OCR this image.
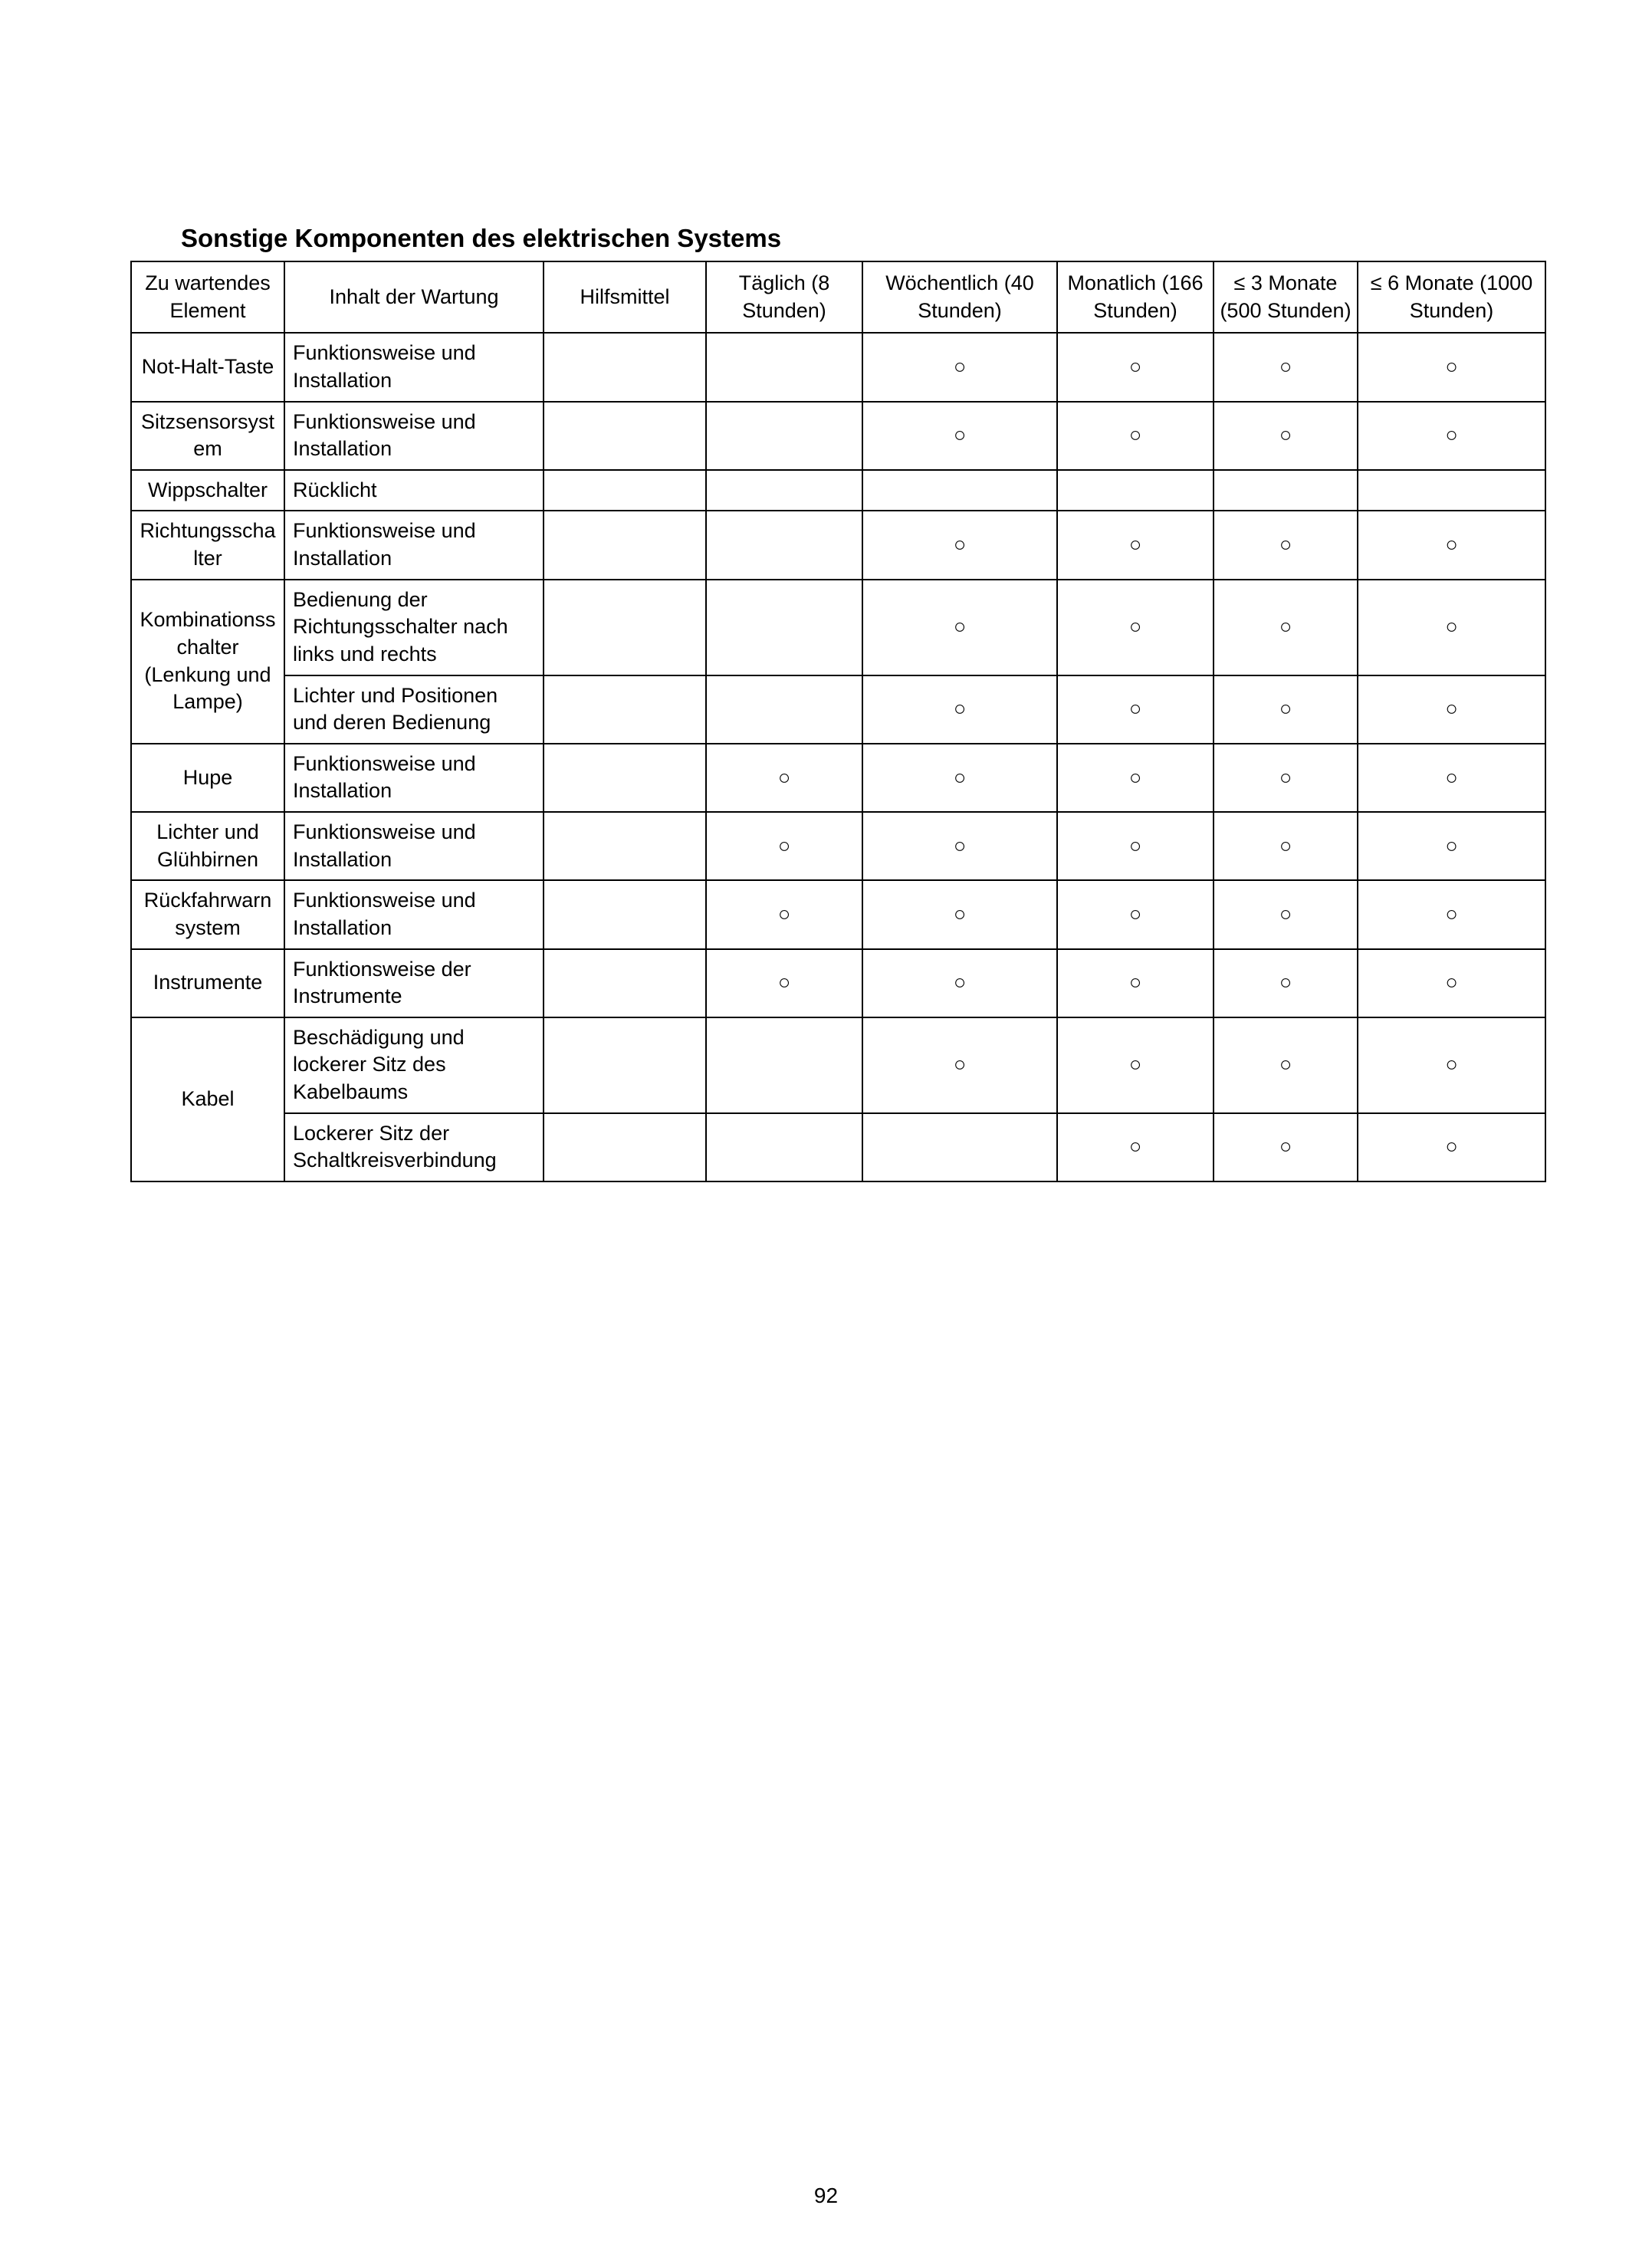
Sonstige Komponenten des elektrischen Systems
Zu wartendes Element	Inhalt der Wartung	Hilfsmittel	Täglich (8 Stunden)	Wöchentlich (40 Stunden)	Monatlich (166 Stunden)	≤ 3 Monate (500 Stunden)	≤ 6 Monate (1000 Stunden)
Not-Halt-Taste	Funktionsweise und Installation			○	○	○	○
Sitzsensorsystem	Funktionsweise und Installation			○	○	○	○
Wippschalter	Rücklicht						
Richtungsschalter	Funktionsweise und Installation			○	○	○	○
Kombinationsschalter (Lenkung und Lampe)	Bedienung der Richtungsschalter nach links und rechts			○	○	○	○
	Lichter und Positionen und deren Bedienung			○	○	○	○
Hupe	Funktionsweise und Installation		○	○	○	○	○
Lichter und Glühbirnen	Funktionsweise und Installation		○	○	○	○	○
Rückfahrwarnsystem	Funktionsweise und Installation		○	○	○	○	○
Instrumente	Funktionsweise der Instrumente		○	○	○	○	○
Kabel	Beschädigung und lockerer Sitz des Kabelbaums			○	○	○	○
	Lockerer Sitz der Schaltkreisverbindung				○	○	○
92
